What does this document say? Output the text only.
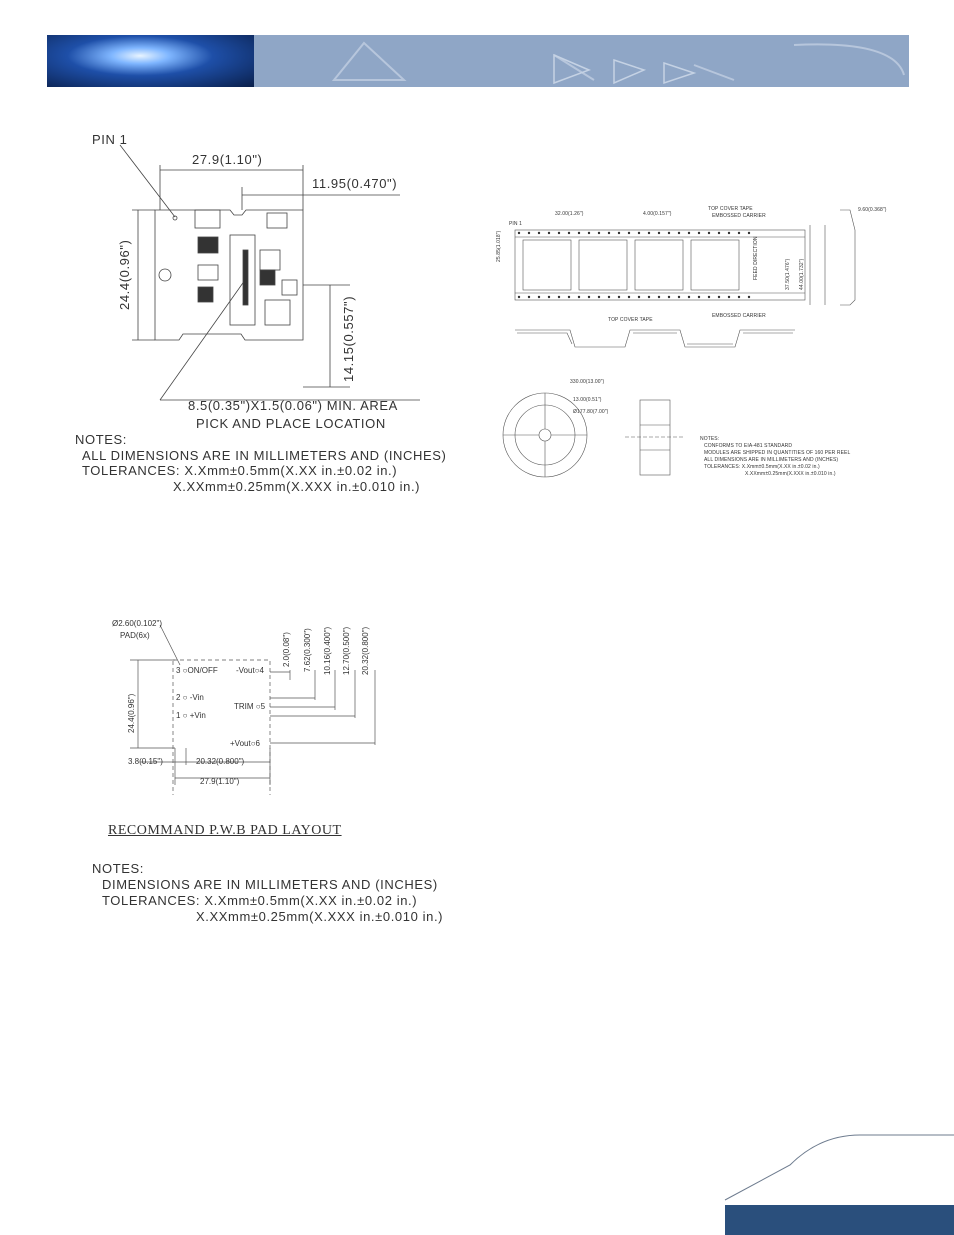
PIN 1
27.9(1.10")
11.95(0.470")
24.4(0.96")
14.15(0.557")
8.5(0.35")X1.5(0.06") MIN. AREA
PICK AND PLACE LOCATION
NOTES:
ALL DIMENSIONS ARE IN MILLIMETERS AND (INCHES)
TOLERANCES: X.Xmm±0.5mm(X.XX in.±0.02 in.)
X.XXmm±0.25mm(X.XXX in.±0.010 in.)
PIN 1
32.00(1.26")	4.00(0.157")
TOP COVER TAPE
EMBOSSED CARRIER
9.60(0.368")
FEED DIRECTION	37.50(1.476") 44.00(1.732")
25.85(1.018")
TOP COVER TAPE
EMBOSSED CARRIER
330.00(13.00")
13.00(0.51")
Ø177.80(7.00")
NOTES:
CONFORMS TO EIA-481 STANDARD
MODULES ARE SHIPPED IN QUANTITIES OF 160 PER REEL
ALL DIMENSIONS ARE IN MILLIMETERS AND (INCHES)
TOLERANCES: X.Xmm±0.5mm(X.XX in.±0.02 in.)
X.XXmm±0.25mm(X.XXX in.±0.010 in.)
Ø2.60(0.102")
PAD(6x)	2.0(0.08") 7.62(0.300") 10.16(0.400") 12.70(0.500") 20.32(0.800")
3 ○ON/OFF -Vout○4
2 ○ -Vin
TRIM ○5
1 ○ +Vin
+Vout○6
24.4(0.96")
3.8(0.15")	20.32(0.800")
27.9(1.10")
RECOMMAND P.W.B PAD LAYOUT
NOTES:
DIMENSIONS ARE IN MILLIMETERS AND (INCHES)
TOLERANCES: X.Xmm±0.5mm(X.XX in.±0.02 in.)
X.XXmm±0.25mm(X.XXX in.±0.010 in.)
